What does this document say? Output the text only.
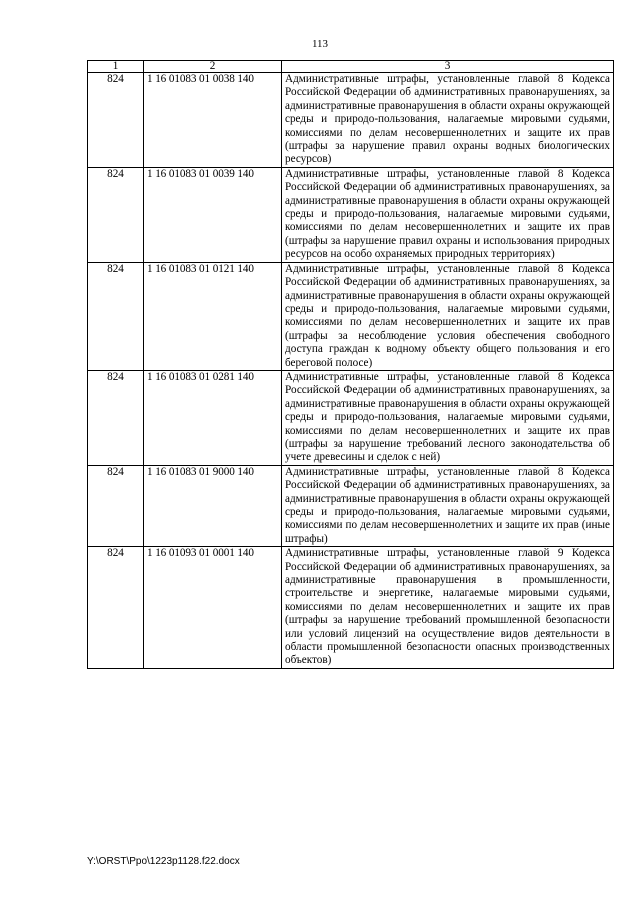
113
1	2	3
824	1 16 01083 01 0038 140	Административные штрафы, установленные главой 8 Кодекса Российской Федерации об административных правонарушениях, за административные правонарушения в области охраны окружающей среды и природо-пользования, налагаемые мировыми судьями, комиссиями по делам несовершеннолетних и защите их прав (штрафы за нарушение правил охраны водных биологических ресурсов)
824	1 16 01083 01 0039 140	Административные штрафы, установленные главой 8 Кодекса Российской Федерации об административных правонарушениях, за административные правонарушения в области охраны окружающей среды и природо-пользования, налагаемые мировыми судьями, комиссиями по делам несовершеннолетних и защите их прав (штрафы за нарушение правил охраны и использования природных ресурсов на особо охраняемых природных территориях)
824	1 16 01083 01 0121 140	Административные штрафы, установленные главой 8 Кодекса Российской Федерации об административных правонарушениях, за административные правонарушения в области охраны окружающей среды и природо-пользования, налагаемые мировыми судьями, комиссиями по делам несовершеннолетних и защите их прав (штрафы за несоблюдение условия обеспечения свободного доступа граждан к водному объекту общего пользования и его береговой полосе)
824	1 16 01083 01 0281 140	Административные штрафы, установленные главой 8 Кодекса Российской Федерации об административных правонарушениях, за административные правонарушения в области охраны окружающей среды и природо-пользования, налагаемые мировыми судьями, комиссиями по делам несовершеннолетних и защите их прав (штрафы за нарушение требований лесного законодательства об учете древесины и сделок с ней)
824	1 16 01083 01 9000 140	Административные штрафы, установленные главой 8 Кодекса Российской Федерации об административных правонарушениях, за административные правонарушения в области охраны окружающей среды и природо-пользования, налагаемые мировыми судьями, комиссиями по делам несовершеннолетних и защите их прав (иные штрафы)
824	1 16 01093 01 0001 140	Административные штрафы, установленные главой 9 Кодекса Российской Федерации об административных правонарушениях, за административные правонарушения в промышленности, строительстве и энергетике, налагаемые мировыми судьями, комиссиями по делам несовершеннолетних и защите их прав (штрафы за нарушение требований промышленной безопасности или условий лицензий на осуществление видов деятельности в области промышленной безопасности опасных производственных объектов)
Y:\ORST\Ppo\1223p1128.f22.docx
